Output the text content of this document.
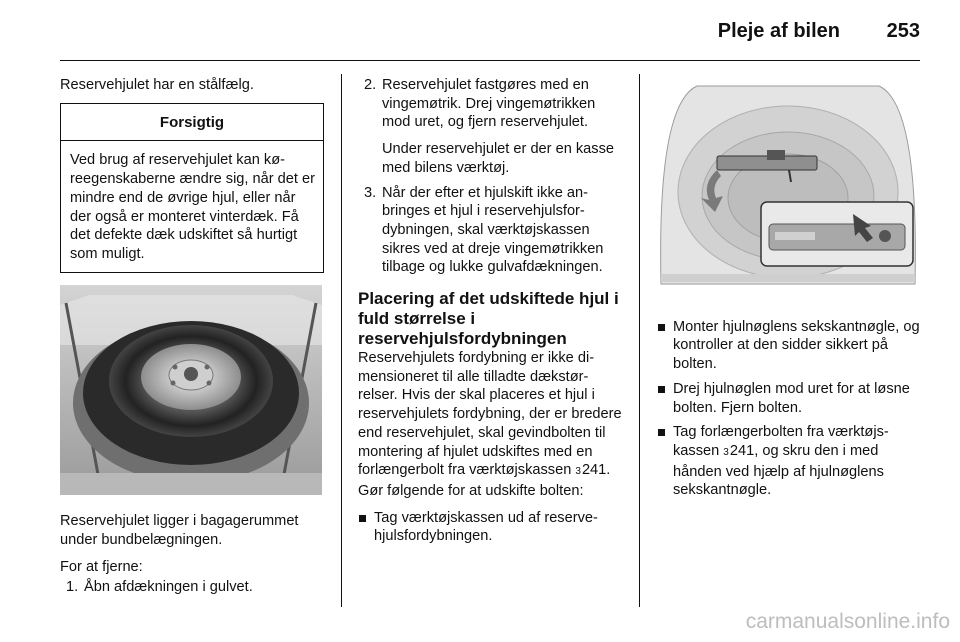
Pleje af bilen 253

Reservehjulet har en stålfælg.

Forsigtig
Ved brug af reservehjulet kan køreegenskaberne ændre sig, når det er mindre end de øvrige hjul, eller når der også er monteret vinterdæk. Få det defekte dæk udskiftet så hurtigt som muligt.

Reservehjulet ligger i bagagerummet under bundbelægningen.

For at fjerne:

1. Åbn afdækningen i gulvet.
2. Reservehjulet fastgøres med en vingemøtrik. Drej vingemøtrikken mod uret, og fjern reservehjulet.
Under reservehjulet er der en kasse med bilens værktøj.
3. Når der efter et hjulskift ikke anbringes et hjul i reservehjulsfordybningen, skal værktøjskassen sikres ved at dreje vingemøtrikken tilbage og lukke gulvafdækningen.
Placering af det udskiftede hjul i fuld størrelse i reservehjulsfordybningen

Reservehjulets fordybning er ikke dimensioneret til alle tilladte dækstørrelser. Hvis der skal placeres et hjul i reservehjulets fordybning, der er bredere end reservehjulet, skal gevindbolten til montering af hjulet udskiftes med en forlængerbolt fra værktøjskassen 3241. Gør følgende for at udskifte bolten:

Tag værktøjskassen ud af reservehjulsfordybningen.
Monter hjulnøglens sekskantnøgle, og kontroller at den sidder sikkert på bolten.
Drej hjulnøglen mod uret for at løsne bolten. Fjern bolten.
Tag forlængerbolten fra værktøjskassen 3241, og skru den i med hånden ved hjælp af hjulnøglens sekskantnøgle.
carmanualsonline.info
